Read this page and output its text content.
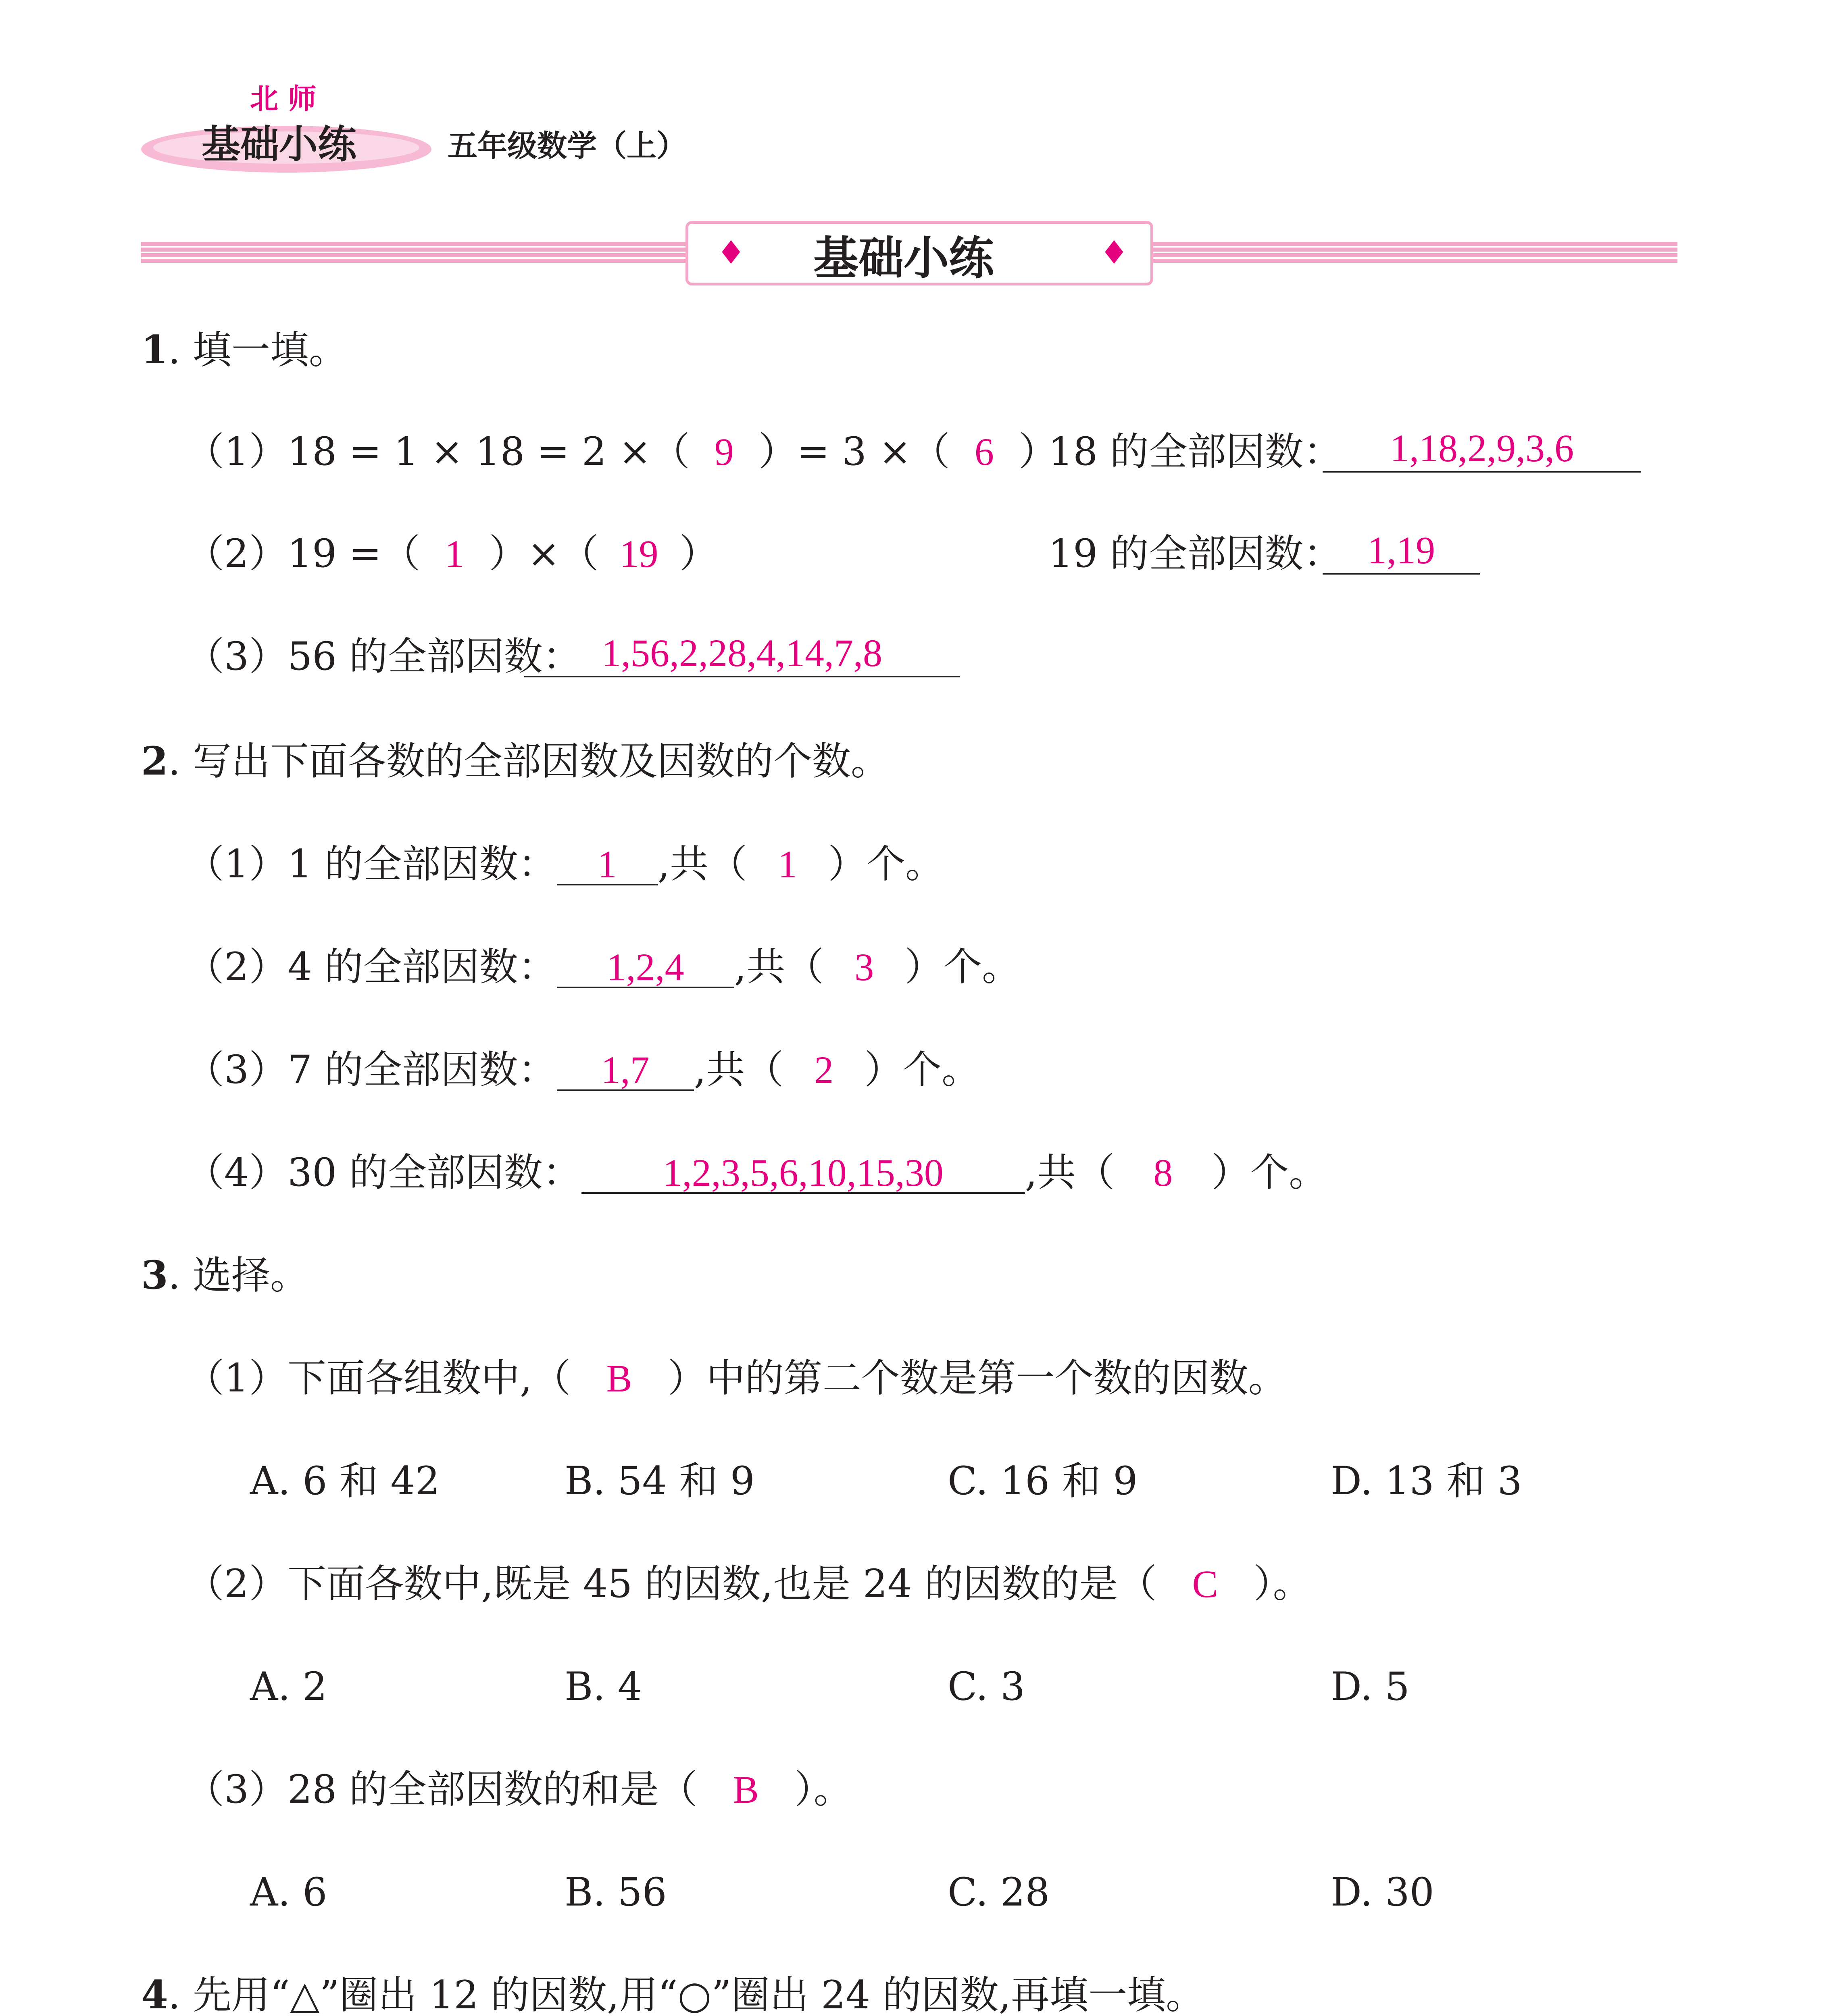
北 师
基础小练	五年级数学（上）
♦ 基础小练	♦
1. 填一填。
（1）18 = 1 × 18 = 2 ×（ 9 ）= 3 ×（ 6 ）
18 的全部因数：	1,18,2,9,3,6
（2）19 =（ 1 ）×（ 19 ）	19 的全部因数： 1,19
（3）56 的全部因数： 1,56,2,28,4,14,7,8
2. 写出下面各数的全部因数及因数的个数。
（1）1 的全部因数： 1 ,共（ 1 ）个。
（2）4 的全部因数： 1,2,4 ,共（ 3 ）个。
（3）7 的全部因数： 1,7 ,共（ 2 ）个。
（4）30 的全部因数： 1,2,3,5,6,10,15,30 ,共（ 8 ）个。
3. 选择。
（1）下面各组数中,（ B ）中的第二个数是第一个数的因数。
A. 6 和 42	B. 54 和 9	C. 16 和 9	D. 13 和 3
（2）下面各数中,既是 45 的因数,也是 24 的因数的是（ C ）。
A. 2	B. 4	C. 3	D. 5
（3）28 的全部因数的和是（ B ）。
A. 6	B. 56	C. 28	D. 30
4. 先用“△”圈出 12 的因数,用“○”圈出 24 的因数,再填一填。
